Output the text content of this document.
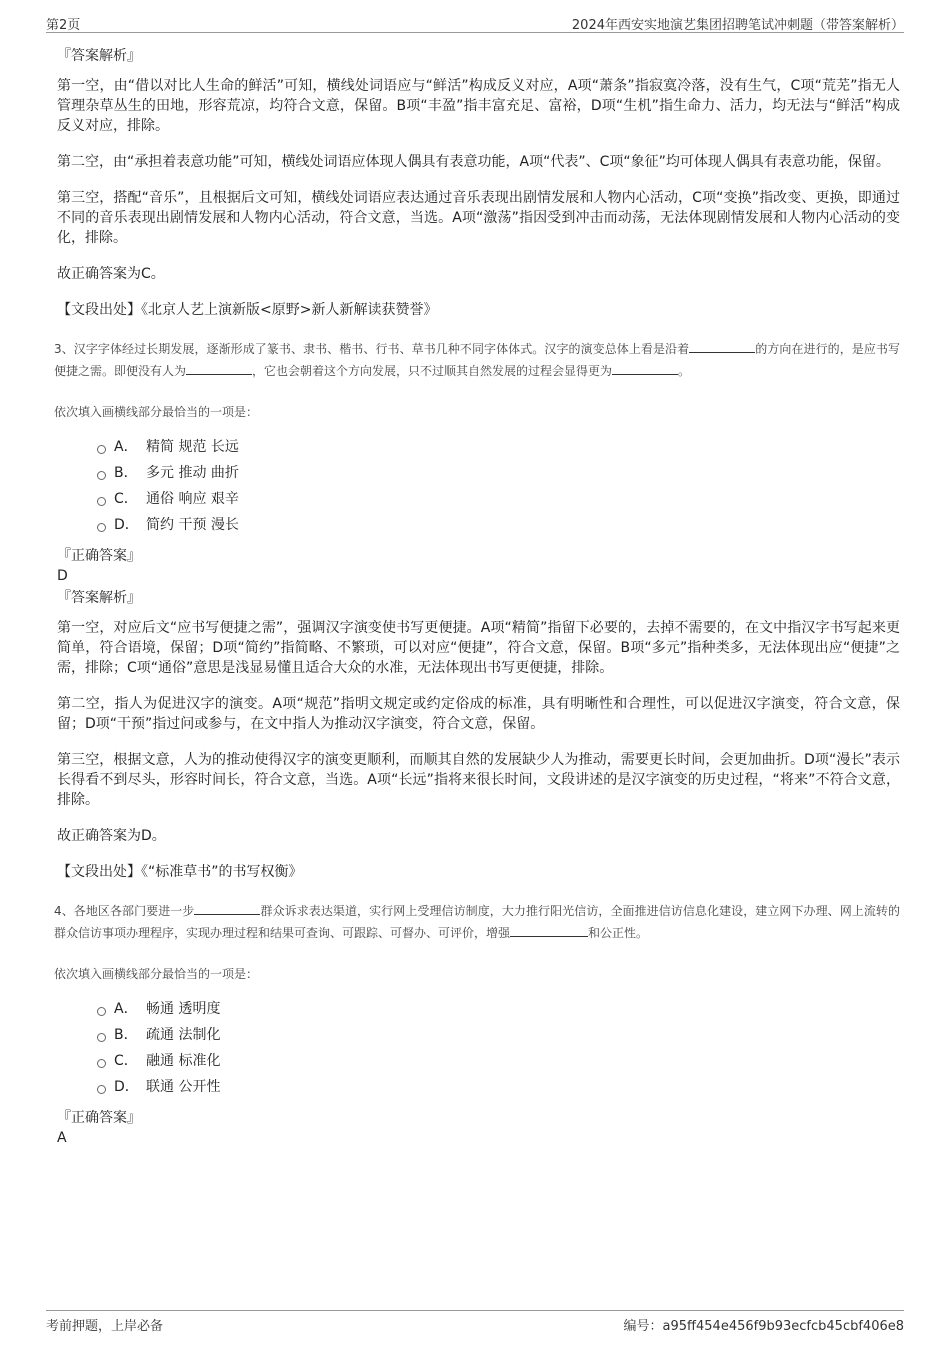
第2页	2024年西安实地演艺集团招聘笔试冲刺题（带答案解析）
『答案解析』

第一空，由“借以对比人生命的鲜活”可知，横线处词语应与“鲜活”构成反义对应，A项“萧条”指寂寞冷落，没有生气，C项“荒芜”指无人管理杂草丛生的田地，形容荒凉，均符合文意，保留。B项“丰盈”指丰富充足、富裕，D项“生机”指生命力、活力，均无法与“鲜活”构成反义对应，排除。

第二空，由“承担着表意功能”可知，横线处词语应体现人偶具有表意功能，A项“代表”、C项“象征”均可体现人偶具有表意功能，保留。

第三空，搭配“音乐”，且根据后文可知，横线处词语应表达通过音乐表现出剧情发展和人物内心活动，C项“变换”指改变、更换，即通过不同的音乐表现出剧情发展和人物内心活动，符合文意，当选。A项“激荡”指因受到冲击而动荡，无法体现剧情发展和人物内心活动的变化，排除。

故正确答案为C。

【文段出处】《北京人艺上演新版<原野>新人新解读获赞誉》

3、汉字字体经过长期发展，逐渐形成了篆书、隶书、楷书、行书、草书几种不同字体体式。汉字的演变总体上看是沿着	的方向在进行的，是应书写便捷之需。即便没有人为	，它也会朝着这个方向发展，只不过顺其自然发展的过程会显得更为	。

依次填入画横线部分最恰当的一项是：
A． 精简 规范 长远
B． 多元 推动 曲折
C． 通俗 响应 艰辛
D． 简约 干预 漫长
『正确答案』
D
『答案解析』

第一空，对应后文“应书写便捷之需”，强调汉字演变使书写更便捷。A项“精简”指留下必要的，去掉不需要的，在文中指汉字书写起来更简单，符合语境，保留；D项“简约”指简略、不繁琐，可以对应“便捷”，符合文意，保留。B项“多元”指种类多，无法体现出应“便捷”之需，排除；C项“通俗”意思是浅显易懂且适合大众的水准，无法体现出书写更便捷，排除。

第二空，指人为促进汉字的演变。A项“规范”指明文规定或约定俗成的标准，具有明晰性和合理性，可以促进汉字演变，符合文意，保留；D项“干预”指过问或参与，在文中指人为推动汉字演变，符合文意，保留。

第三空，根据文意，人为的推动使得汉字的演变更顺利，而顺其自然的发展缺少人为推动，需要更长时间，会更加曲折。D项“漫长”表示长得看不到尽头，形容时间长，符合文意，当选。A项“长远”指将来很长时间，文段讲述的是汉字演变的历史过程，“将来”不符合文意，排除。

故正确答案为D。

【文段出处】《“标准草书”的书写权衡》

4、各地区各部门要进一步	群众诉求表达渠道，实行网上受理信访制度，大力推行阳光信访，全面推进信访信息化建设，建立网下办理、网上流转的群众信访事项办理程序，实现办理过程和结果可查询、可跟踪、可督办、可评价，增强	和公正性。

依次填入画横线部分最恰当的一项是：
A． 畅通 透明度
B． 疏通 法制化
C． 融通 标准化
D． 联通 公开性
『正确答案』
A
考前押题，上岸必备	编号：a95ff454e456f9b93ecfcb45cbf406e8
